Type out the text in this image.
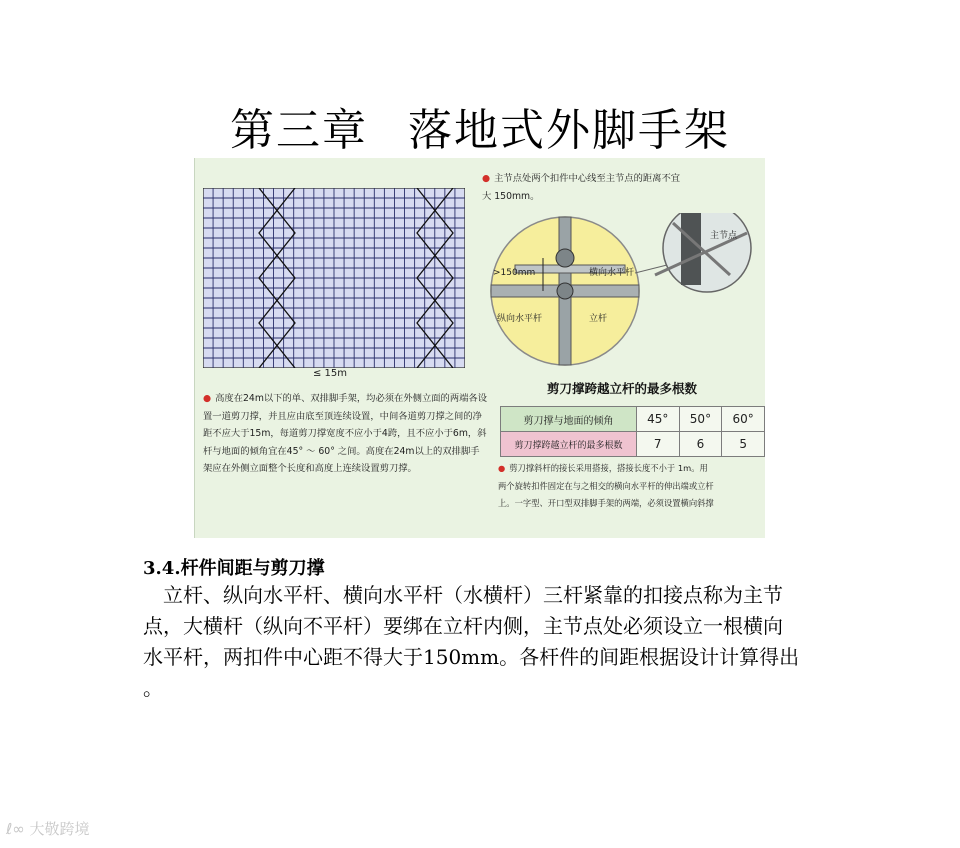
第三章 落地式外脚手架
≤ 15m
● 高度在24m以下的单、双排脚手架，均必须在外侧立面的两端各设置一道剪刀撑，并且应由底至顶连续设置，中间各道剪刀撑之间的净距不应大于15m，每道剪刀撑宽度不应小于4跨，且不应小于6m，斜杆与地面的倾角宜在45° ～ 60° 之间。高度在24m以上的双排脚手架应在外侧立面整个长度和高度上连续设置剪刀撑。
● 主节点处两个扣件中心线至主节点的距离不宜大 150mm。
主节点
>150mm	横向水平杆
纵向水平杆	立杆
剪刀撑跨越立杆的最多根数
剪刀撑与地面的倾角	45°	50°	60°
剪刀撑跨越立杆的最多根数	7	6	5
● 剪刀撑斜杆的接长采用搭接，搭接长度不小于 1m。用
两个旋转扣件固定在与之相交的横向水平杆的伸出端或立杆
上。一字型、开口型双排脚手架的两端，必须设置横向斜撑
3.4.杆件间距与剪刀撑

 立杆、纵向水平杆、横向水平杆（水横杆）三杆紧靠的扣接点称为主节

点，大横杆（纵向不平杆）要绑在立杆内侧，主节点处必须设立一根横向

水平杆，两扣件中心距不得大于150mm。各杆件的间距根据设计计算得出

。

ℓ∞ 大敬跨境
